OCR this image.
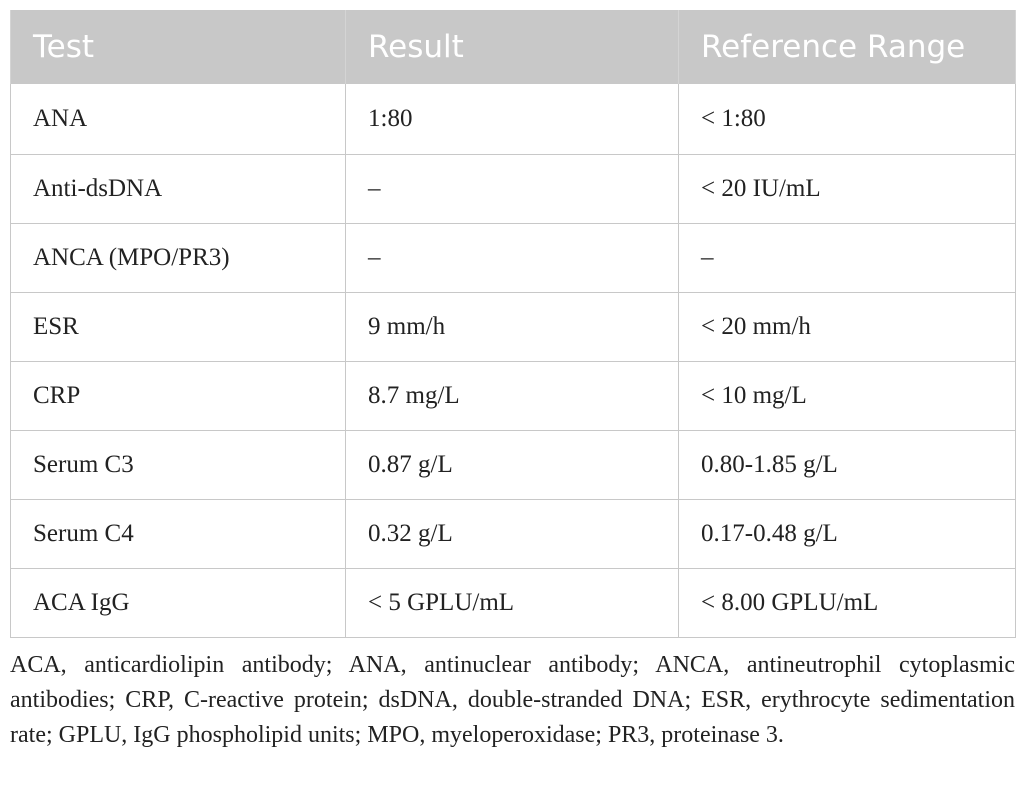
Test	Result	Reference Range
ANA	1:80	< 1:80
Anti-dsDNA	–	< 20 IU/mL
ANCA (MPO/PR3)	–	–
ESR	9 mm/h	< 20 mm/h
CRP	8.7 mg/L	< 10 mg/L
Serum C3	0.87 g/L	0.80-1.85 g/L
Serum C4	0.32 g/L	0.17-0.48 g/L
ACA IgG	< 5 GPLU/mL	< 8.00 GPLU/mL

ACA, anticardiolipin antibody; ANA, antinuclear antibody; ANCA, antineutrophil cytoplasmic antibodies; CRP, C-reactive protein; dsDNA, double-stranded DNA; ESR, erythrocyte sedimentation rate; GPLU, IgG phospholipid units; MPO, myeloperoxidase; PR3, proteinase 3.
